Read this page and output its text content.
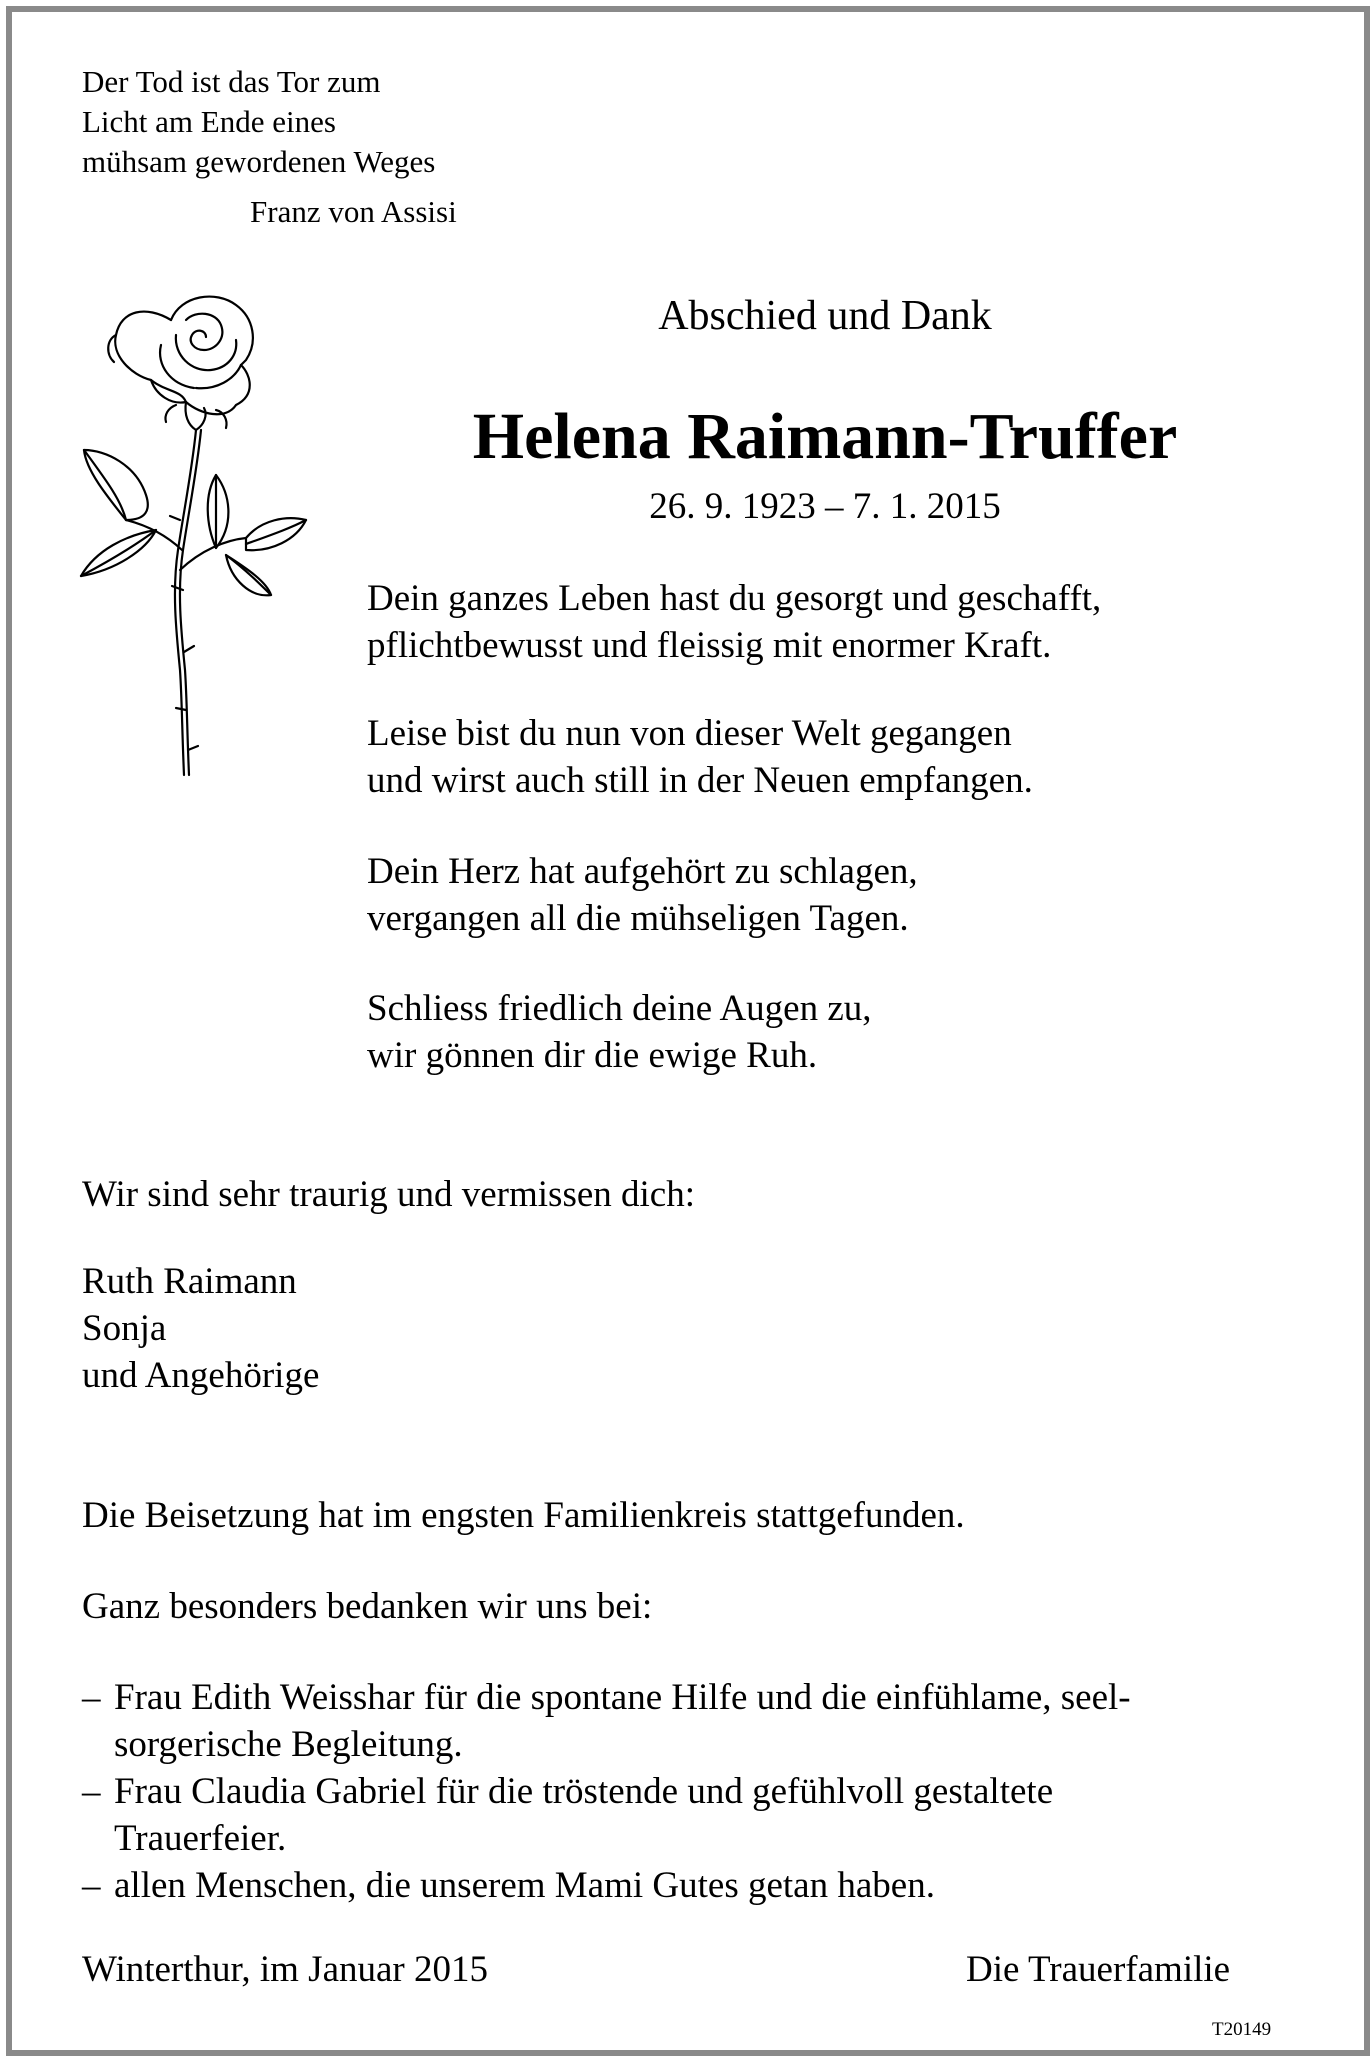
Der Tod ist das Tor zum
Licht am Ende eines
mühsam gewordenen Weges
Franz von Assisi
Abschied und Dank
Helena Raimann-Truffer
26. 9. 1923 – 7. 1. 2015
Dein ganzes Leben hast du gesorgt und geschafft,
pflichtbewusst und fleissig mit enormer Kraft.
Leise bist du nun von dieser Welt gegangen
und wirst auch still in der Neuen empfangen.
Dein Herz hat aufgehört zu schlagen,
vergangen all die mühseligen Tagen.
Schliess friedlich deine Augen zu,
wir gönnen dir die ewige Ruh.
Wir sind sehr traurig und vermissen dich:
Ruth Raimann
Sonja
und Angehörige
Die Beisetzung hat im engsten Familienkreis stattgefunden.
Ganz besonders bedanken wir uns bei:
– Frau Edith Weisshar für die spontane Hilfe und die einfühlame, seel-
sorgerische Begleitung.
– Frau Claudia Gabriel für die tröstende und gefühlvoll gestaltete
Trauerfeier.
– allen Menschen, die unserem Mami Gutes getan haben.
Winterthur, im Januar 2015	Die Trauerfamilie
T20149
